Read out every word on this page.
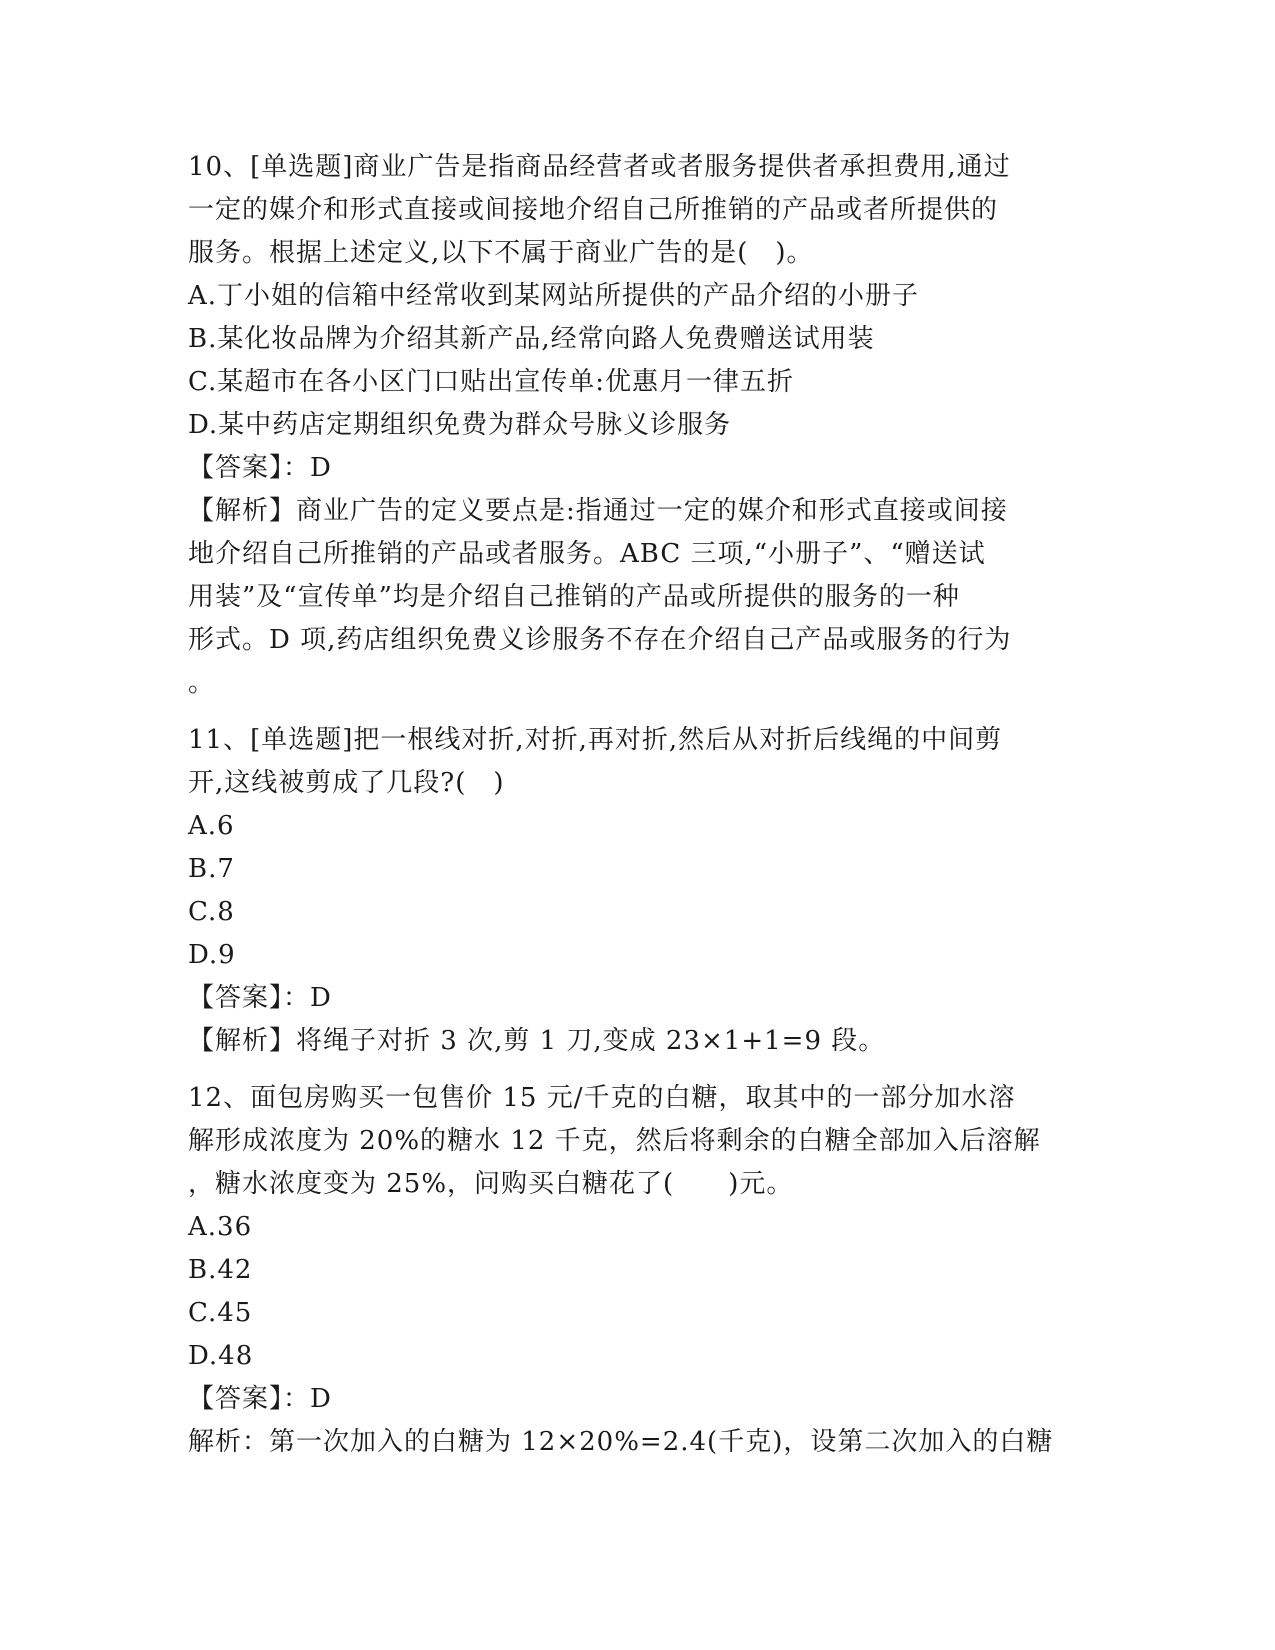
10、[单选题]商业广告是指商品经营者或者服务提供者承担费用,通过
一定的媒介和形式直接或间接地介绍自己所推销的产品或者所提供的
服务。根据上述定义,以下不属于商业广告的是(　)。
A.丁小姐的信箱中经常收到某网站所提供的产品介绍的小册子
B.某化妆品牌为介绍其新产品,经常向路人免费赠送试用装
C.某超市在各小区门口贴出宣传单:优惠月一律五折
D.某中药店定期组织免费为群众号脉义诊服务
【答案】：D
【解析】商业广告的定义要点是:指通过一定的媒介和形式直接或间接
地介绍自己所推销的产品或者服务。ABC 三项,“小册子”、“赠送试
用装”及“宣传单”均是介绍自己推销的产品或所提供的服务的一种
形式。D 项,药店组织免费义诊服务不存在介绍自己产品或服务的行为
。
11、[单选题]把一根线对折,对折,再对折,然后从对折后线绳的中间剪
开,这线被剪成了几段?(　)
A.6
B.7
C.8
D.9
【答案】：D
【解析】将绳子对折 3 次,剪 1 刀,变成 23×1+1=9 段。
12、面包房购买一包售价 15 元/千克的白糖，取其中的一部分加水溶
解形成浓度为 20%的糖水 12 千克，然后将剩余的白糖全部加入后溶解
，糖水浓度变为 25%，问购买白糖花了(　　)元。
A.36
B.42
C.45
D.48
【答案】：D
解析：第一次加入的白糖为 12×20%=2.4(千克)，设第二次加入的白糖
